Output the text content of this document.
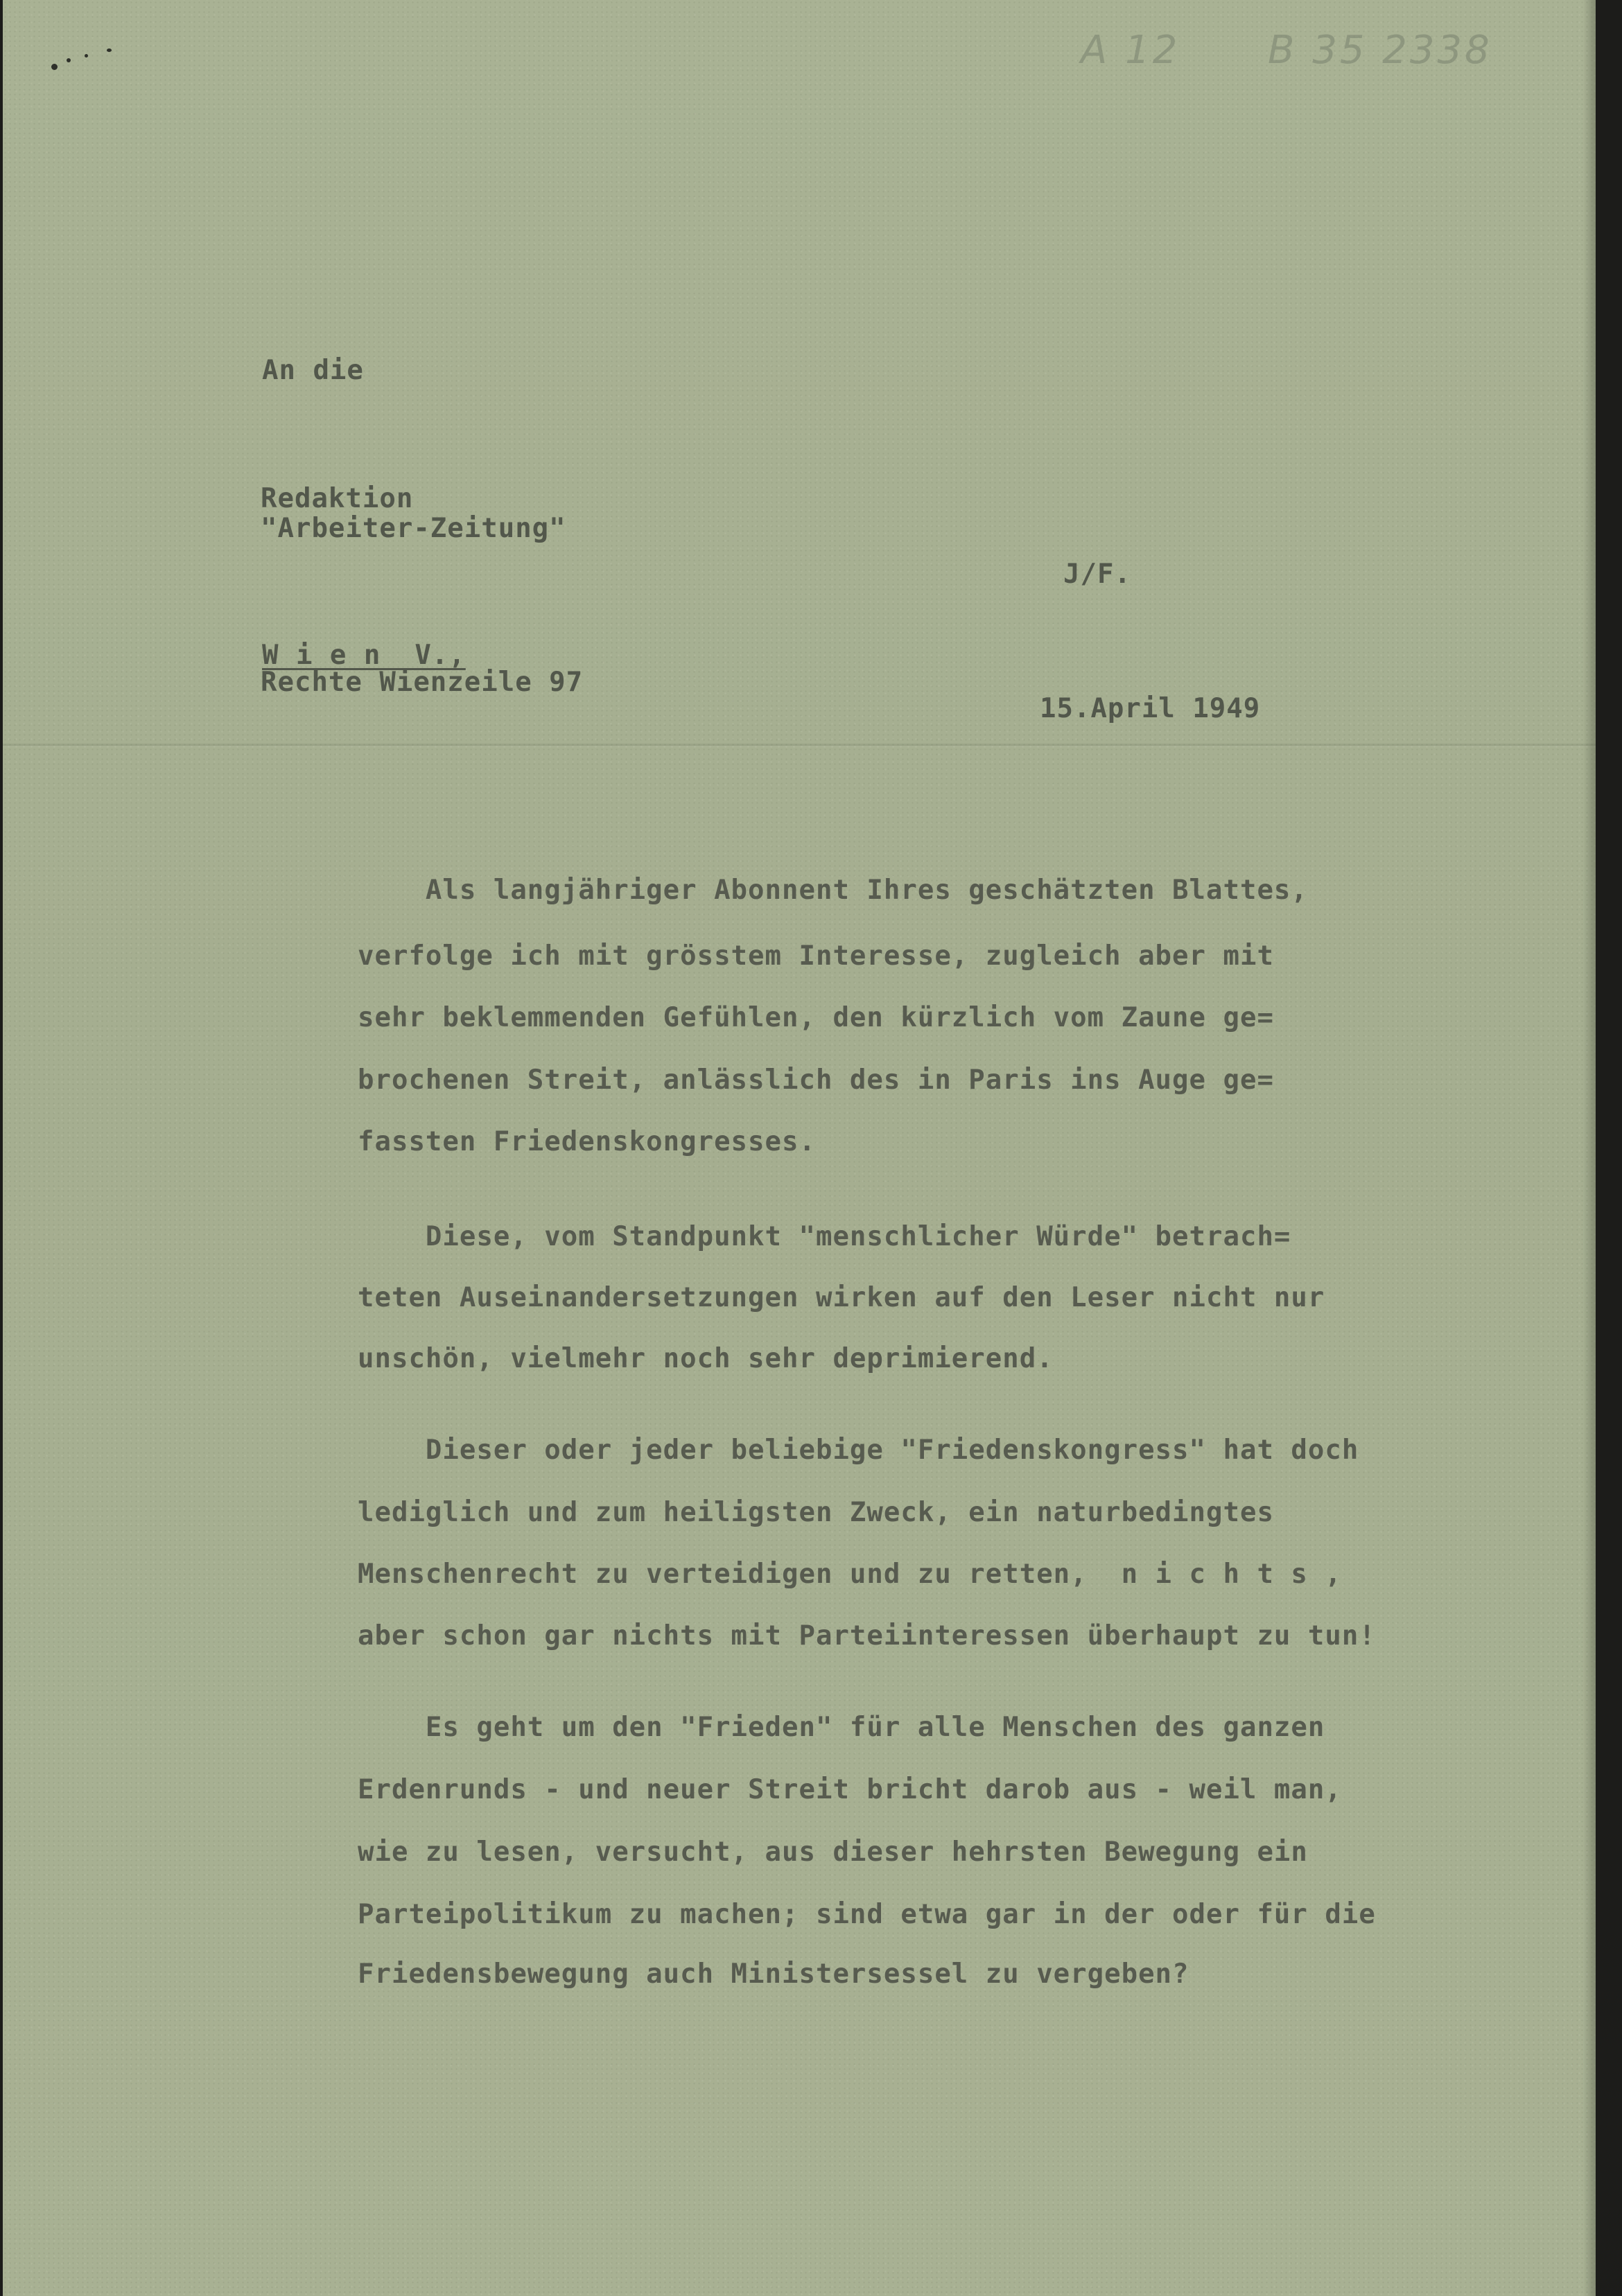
A 12 B 35 2338
An die
Redaktion
"Arbeiter-Zeitung"
J/F.
W i e n  V.,
Rechte Wienzeile 97
15.April 1949
Als langjähriger Abonnent Ihres geschätzten Blattes,
verfolge ich mit grösstem Interesse, zugleich aber mit
sehr beklemmenden Gefühlen, den kürzlich vom Zaune ge=
brochenen Streit, anlässlich des in Paris ins Auge ge=
fassten Friedenskongresses.
Diese, vom Standpunkt "menschlicher Würde" betrach=
teten Auseinandersetzungen wirken auf den Leser nicht nur
unschön, vielmehr noch sehr deprimierend.
Dieser oder jeder beliebige "Friedenskongress" hat doch
lediglich und zum heiligsten Zweck, ein naturbedingtes
Menschenrecht zu verteidigen und zu retten,  n i c h t s ,
aber schon gar nichts mit Parteiinteressen überhaupt zu tun!
Es geht um den "Frieden" für alle Menschen des ganzen
Erdenrunds - und neuer Streit bricht darob aus - weil man,
wie zu lesen, versucht, aus dieser hehrsten Bewegung ein
Parteipolitikum zu machen; sind etwa gar in der oder für die
Friedensbewegung auch Ministersessel zu vergeben?
